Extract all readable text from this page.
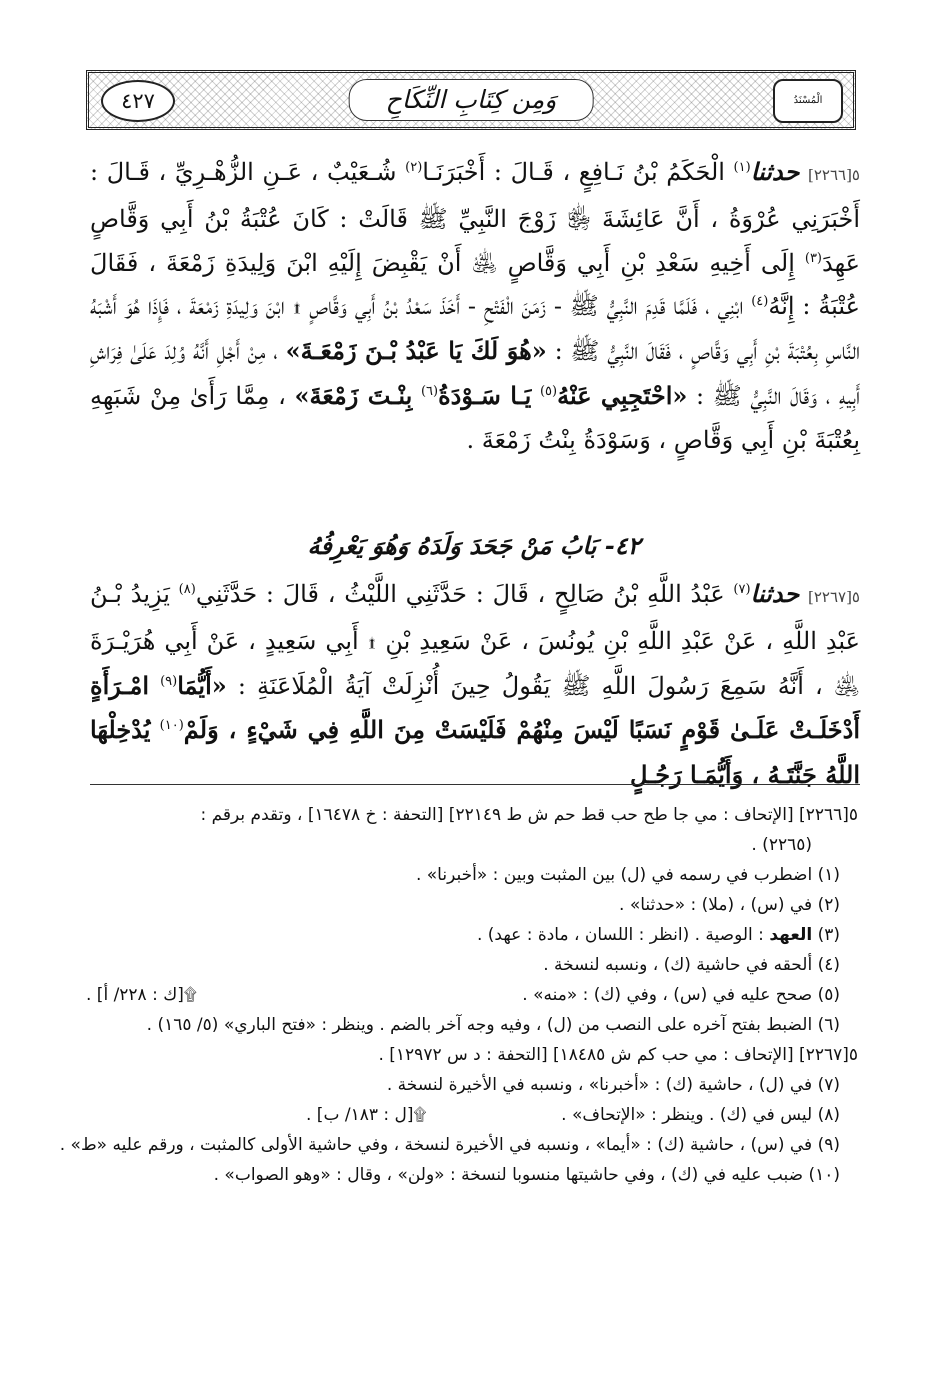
الْمُسْنَدُ
وَمِن كِتَابِ النِّكَاحِ
٤٢٧
٥[٢٢٦٦] حدثنا$^{(١)}$ الْحَكَمُ بْنُ نَـافِعٍ ، قَـالَ : أَخْبَرَنَـا$^{(٢)}$ شُـعَيْبٌ ، عَـنِ الزُّهْـرِيِّ ، قَـالَ : أَخْبَرَنِي عُرْوَةُ ، أَنَّ عَائِشَةَ ﵂ زَوْجَ النَّبِيِّ ﷺ قَالَتْ : كَانَ عُتْبَةُ بْنُ أَبِي وَقَّاصٍ عَهِدَ$^{(٣)}$ إِلَى أَخِيهِ سَعْدِ بْنِ أَبِي وَقَّاصٍ ﵁ أَنْ يَقْبِضَ إِلَيْهِ ابْنَ وَلِيدَةِ زَمْعَةَ ، فَقَالَ عُتْبَةُ : إِنَّهُ$^{(٤)}$ ابْنِي ، فَلَمَّا قَدِمَ النَّبِيُّ ﷺ - زَمَنَ الْفَتْحِ - أَخَذَ سَعْدُ بْنُ أَبِي وَقَّاصٍ ۩ ابْنَ وَلِيدَةِ زَمْعَةَ ، فَإِذَا هُوَ أَشْبَهُ النَّاسِ بِعُتْبَةَ بْنِ أَبِي وَقَّاصٍ ، فَقَالَ النَّبِيُّ ﷺ : «هُوَ لَكَ يَا عَبْدُ بْـنَ زَمْعَـةَ» ، مِنْ أَجْلِ أَنَّهُ وُلِدَ عَلَىٰ فِرَاشِ أَبِيهِ ، وَقَالَ النَّبِيُّ ﷺ : «احْتَجِبِي عَنْهُ$^{(٥)}$ يَـا سَـوْدَةُ$^{(٦)}$ بِنْـتَ زَمْعَةَ» ، مِمَّا رَأَىٰ مِنْ شَبَهِهِ بِعُتْبَةَ بْنِ أَبِي وَقَّاصٍ ، وَسَوْدَةُ بِنْتُ زَمْعَةَ .
٤٢- بَابُ مَنْ جَحَدَ وَلَدَهُ وَهُوَ يَعْرِفُهُ
٥[٢٢٦٧] حدثنا$^{(٧)}$ عَبْدُ اللَّهِ بْنُ صَالِحٍ ، قَالَ : حَدَّثَنِي اللَّيْثُ ، قَالَ : حَدَّثَنِي$^{(٨)}$ يَزِيدُ بْـنُ عَبْدِ اللَّهِ ، عَنْ عَبْدِ اللَّهِ بْنِ يُونُسَ ، عَنْ سَعِيدِ بْنِ ۩ أَبِي سَعِيدٍ ، عَنْ أَبِي هُرَيْـرَةَ ﵁ ، أَنَّهُ سَمِعَ رَسُولَ اللَّهِ ﷺ يَقُولُ حِينَ أُنْزِلَتْ آيَةُ الْمُلَاعَنَةِ : «أَيُّمَا$^{(٩)}$ امْـرَأَةٍ أَدْخَلَـتْ عَلَـىٰ قَوْمٍ نَسَبًا لَيْسَ مِنْهُمْ فَلَيْسَتْ مِنَ اللَّهِ فِي شَيْءٍ ، وَلَمْ$^{(١٠)}$ يُدْخِلْهَا اللَّهُ جَنَّتَـهُ ، وَأَيُّمَـا رَجُـلٍ
٥[٢٢٦٦] [الإتحاف : مي جا طح حب قط حم ش ط ٢٢١٤٩] [التحفة : خ ١٦٤٧٨] ، وتقدم برقم :
(٢٢٦٥) .
(١) اضطرب في رسمه في (ل) بين المثبت وبين : «أخبرنا» .
(٢) في (س) ، (ملا) : «حدثنا» .
(٣) العهد : الوصية . (انظر : اللسان ، مادة : عهد) .
(٤) ألحقه في حاشية (ك) ، ونسبه لنسخة .
(٥) صحح عليه في (س) ، وفي (ك) : «منه» .
۩[ك : ٢٢٨/ أ] .
(٦) الضبط بفتح آخره على النصب من (ل) ، وفيه وجه آخر بالضم . وينظر : «فتح الباري» (٥/ ١٦٥) .
٥[٢٢٦٧] [الإتحاف : مي حب كم ش ١٨٤٨٥] [التحفة : د س ١٢٩٧٢] .
(٧) في (ل) ، حاشية (ك) : «أخبرنا» ، ونسبه في الأخيرة لنسخة .
(٨) ليس في (ك) . وينظر : «الإتحاف» .
۩[ل : ١٨٣/ ب] .
(٩) في (س) ، حاشية (ك) : «أيما» ، ونسبه في الأخيرة لنسخة ، وفي حاشية الأولى كالمثبت ، ورقم عليه «ط» .
(١٠) ضبب عليه في (ك) ، وفي حاشيتها منسوبا لنسخة : «ولن» ، وقال : «وهو الصواب» .
